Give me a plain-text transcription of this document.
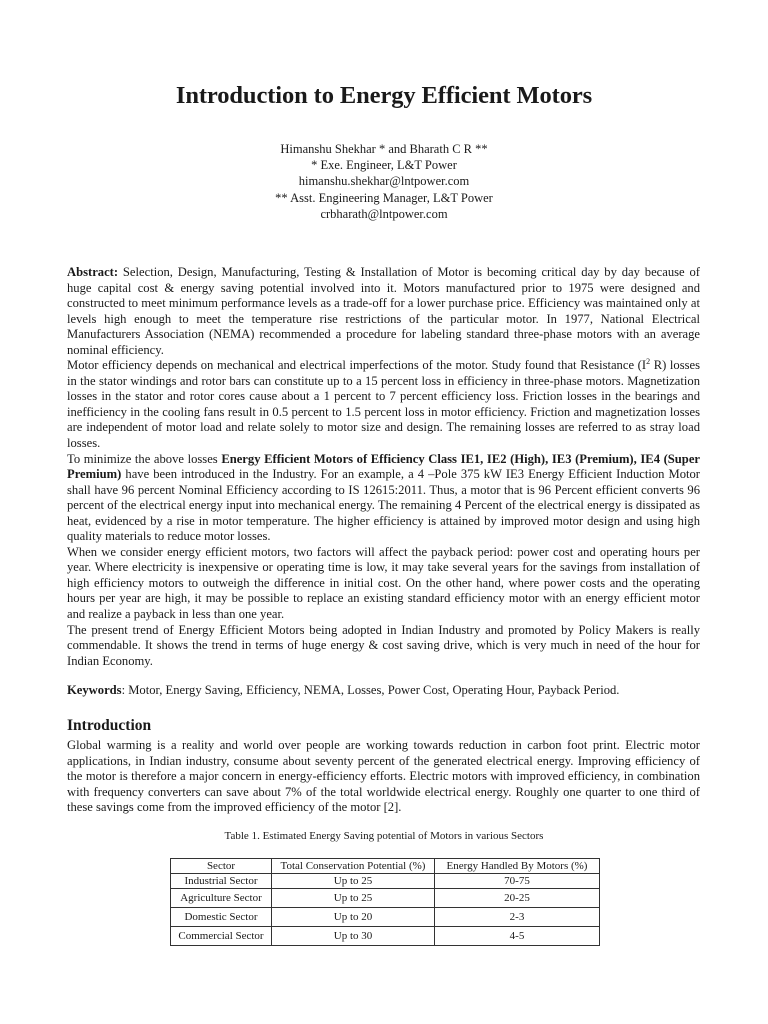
Introduction to Energy Efficient Motors
Himanshu Shekhar * and Bharath C R **
* Exe. Engineer, L&T Power
himanshu.shekhar@lntpower.com
** Asst. Engineering Manager, L&T Power
crbharath@lntpower.com

Abstract: Selection, Design, Manufacturing, Testing & Installation of Motor is becoming critical day by day because of huge capital cost & energy saving potential involved into it. Motors manufactured prior to 1975 were designed and constructed to meet minimum performance levels as a trade-off for a lower purchase price. Efficiency was maintained only at levels high enough to meet the temperature rise restrictions of the particular motor. In 1977, National Electrical Manufacturers Association (NEMA) recommended a procedure for labeling standard three-phase motors with an average nominal efficiency.

Motor efficiency depends on mechanical and electrical imperfections of the motor. Study found that Resistance ($I^2$ R) losses in the stator windings and rotor bars can constitute up to a 15 percent loss in efficiency in three-phase motors. Magnetization losses in the stator and rotor cores cause about a 1 percent to 7 percent efficiency loss. Friction losses in the bearings and inefficiency in the cooling fans result in 0.5 percent to 1.5 percent loss in motor efficiency. Friction and magnetization losses are independent of motor load and relate solely to motor size and design. The remaining losses are referred to as stray load losses.

To minimize the above losses Energy Efficient Motors of Efficiency Class IE1, IE2 (High), IE3 (Premium), IE4 (Super Premium) have been introduced in the Industry. For an example, a 4 –Pole 375 kW IE3 Energy Efficient Induction Motor shall have 96 percent Nominal Efficiency according to IS 12615:2011. Thus, a motor that is 96 Percent efficient converts 96 percent of the electrical energy input into mechanical energy. The remaining 4 Percent of the electrical energy is dissipated as heat, evidenced by a rise in motor temperature. The higher efficiency is attained by improved motor design and using high quality materials to reduce motor losses.

When we consider energy efficient motors, two factors will affect the payback period: power cost and operating hours per year. Where electricity is inexpensive or operating time is low, it may take several years for the savings from installation of high efficiency motors to outweigh the difference in initial cost. On the other hand, where power costs and the operating hours per year are high, it may be possible to replace an existing standard efficiency motor with an energy efficient motor and realize a payback in less than one year.

The present trend of Energy Efficient Motors being adopted in Indian Industry and promoted by Policy Makers is really commendable. It shows the trend in terms of huge energy & cost saving drive, which is very much in need of the hour for Indian Economy.

Keywords: Motor, Energy Saving, Efficiency, NEMA, Losses, Power Cost, Operating Hour, Payback Period.

Introduction

Global warming is a reality and world over people are working towards reduction in carbon foot print. Electric motor applications, in Indian industry, consume about seventy percent of the generated electrical energy. Improving efficiency of the motor is therefore a major concern in energy-efficiency efforts. Electric motors with improved efficiency, in combination with frequency converters can save about 7% of the total worldwide electrical energy. Roughly one quarter to one third of these savings come from the improved efficiency of the motor [2].

Table 1. Estimated Energy Saving potential of Motors in various Sectors
Sector	Total Conservation Potential (%)	Energy Handled By Motors (%)
Industrial Sector	Up to 25	70-75
Agriculture Sector	Up to 25	20-25
Domestic Sector	Up to 20	2-3
Commercial Sector	Up to 30	4-5
